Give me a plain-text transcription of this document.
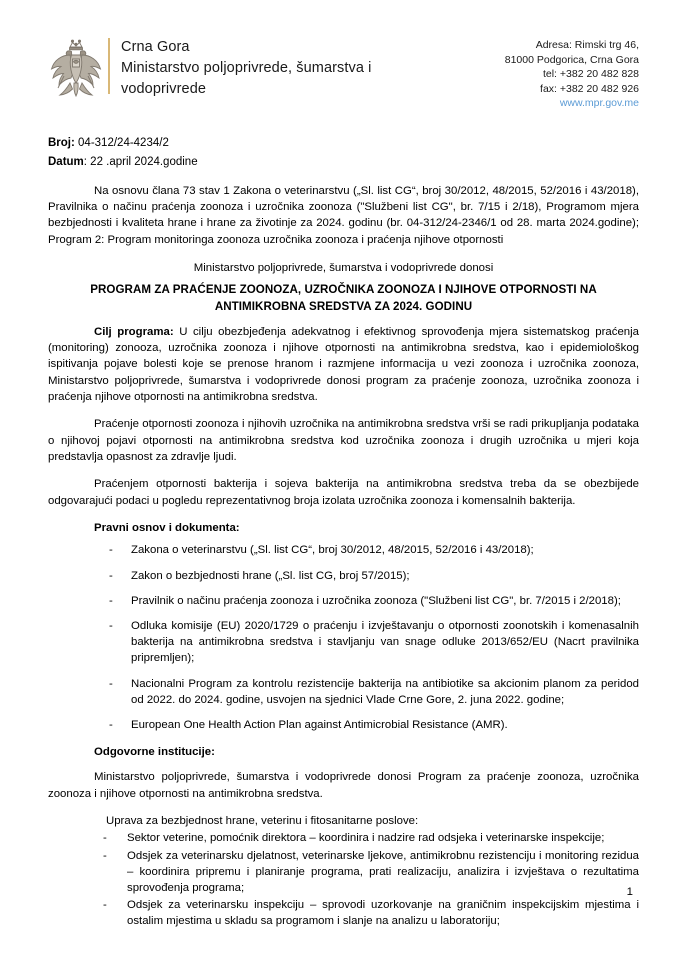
Crna Gora
Ministarstvo poljoprivrede, šumarstva i vodoprivrede
Adresa: Rimski trg 46,
81000 Podgorica, Crna Gora
tel: +382 20 482 828
fax: +382 20 482 926
www.mpr.gov.me
Broj: 04-312/24-4234/2
Datum: 22 .april 2024.godine

Na osnovu člana 73 stav 1 Zakona o veterinarstvu („Sl. list CG“, broj 30/2012, 48/2015, 52/2016 i 43/2018), Pravilnika o načinu praćenja zoonoza i uzročnika zoonoza ("Službeni list CG", br. 7/15 i 2/18), Programom mjera bezbjednosti i kvaliteta hrane i hrane za životinje za 2024. godinu (br. 04-312/24-2346/1 od 28. marta 2024.godine); Program 2: Program monitoringa zoonoza uzročnika zoonoza i praćenja njihove otpornosti

Ministarstvo poljoprivrede, šumarstva i vodoprivrede donosi
PROGRAM ZA PRAĆENJE ZOONOZA, UZROČNIKA ZOONOZA I NJIHOVE OTPORNOSTI NA
ANTIMIKROBNA SREDSTVA ZA 2024. GODINU

Cilj programa: U cilju obezbjeđenja adekvatnog i efektivnog sprovođenja mjera sistematskog praćenja (monitoring) zonooza, uzročnika zoonoza i njihove otpornosti na antimikrobna sredstva, kao i epidemiološkog ispitivanja pojave bolesti koje se prenose hranom i razmjene informacija u vezi zoonoza i uzročnika zoonoza, Ministarstvo poljoprivrede, šumarstva i vodoprivrede donosi program za praćenje zoonoza, uzročnika zoonoza i praćenja njihove otpornosti na antimikrobna sredstva.

Praćenje otpornosti zoonoza i njihovih uzročnika na antimikrobna sredstva vrši se radi prikupljanja podataka o njihovoj pojavi otpornosti na antimikrobna sredstva kod uzročnika zoonoza i drugih uzročnika u mjeri koja predstavlja opasnost za zdravlje ljudi.

Praćenjem otpornosti bakterija i sojeva bakterija na antimikrobna sredstva treba da se obezbijede odgovarajući podaci u pogledu reprezentativnog broja izolata uzročnika zoonoza i komensalnih bakterija.

Pravni osnov i dokumenta:
- Zakona o veterinarstvu („Sl. list CG“, broj 30/2012, 48/2015, 52/2016 i 43/2018);
- Zakon o bezbjednosti hrane („Sl. list CG, broj 57/2015);
- Pravilnik o načinu praćenja zoonoza i uzročnika zoonoza ("Službeni list CG", br. 7/2015 i 2/2018);
- Odluka komisije (EU) 2020/1729 o praćenju i izvještavanju o otpornosti zoonotskih i komenasalnih bakterija na antimikrobna sredstva i stavljanju van snage odluke 2013/652/EU (Nacrt pravilnika pripremljen);
- Nacionalni Program za kontrolu rezistencije bakterija na antibiotike sa akcionim planom za peridod od 2022. do 2024. godine, usvojen na sjednici Vlade Crne Gore, 2. juna 2022. godine;
- European One Health Action Plan against Antimicrobial Resistance (AMR).
Odgovorne institucije:

Ministarstvo poljoprivrede, šumarstva i vodoprivrede donosi Program za praćenje zoonoza, uzročnika zoonoza i njihove otpornosti na antimikrobna sredstva.

Uprava za bezbjednost hrane, veterinu i fitosanitarne poslove:
- Sektor veterine, pomoćnik direktora – koordinira i nadzire rad odsjeka i veterinarske inspekcije;
- Odsjek za veterinarsku djelatnost, veterinarske ljekove, antimikrobnu rezistenciju i monitoring rezidua – koordinira pripremu i planiranje programa, prati realizaciju, analizira i izvještava o rezultatima sprovođenja programa;
- Odsjek za veterinarsku inspekciju – sprovodi uzorkovanje na graničnim inspekcijskim mjestima i ostalim mjestima u skladu sa programom i slanje na analizu u laboratoriju;
1
